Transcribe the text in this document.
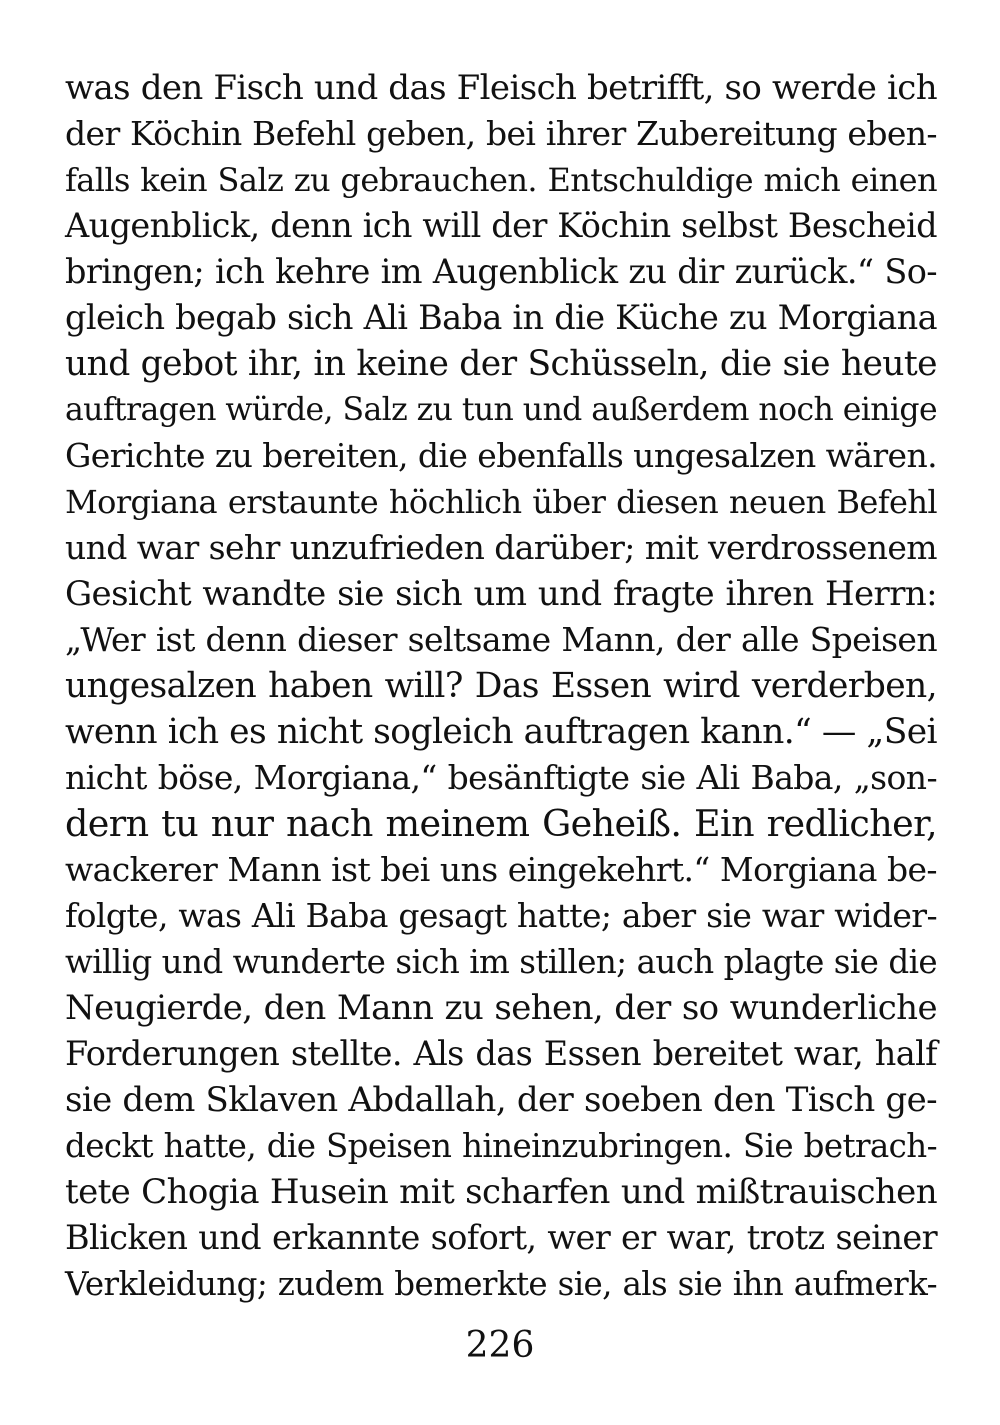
was den Fisch und das Fleisch betrifft, so werde ich
der Köchin Befehl geben, bei ihrer Zubereitung eben-
falls kein Salz zu gebrauchen. Entschuldige mich einen
Augenblick, denn ich will der Köchin selbst Bescheid
bringen; ich kehre im Augenblick zu dir zurück.“ So-
gleich begab sich Ali Baba in die Küche zu Morgiana
und gebot ihr, in keine der Schüsseln, die sie heute
auftragen würde, Salz zu tun und außerdem noch einige
Gerichte zu bereiten, die ebenfalls ungesalzen wären.
Morgiana erstaunte höchlich über diesen neuen Befehl
und war sehr unzufrieden darüber; mit verdrossenem
Gesicht wandte sie sich um und fragte ihren Herrn:
„Wer ist denn dieser seltsame Mann, der alle Speisen
ungesalzen haben will? Das Essen wird verderben,
wenn ich es nicht sogleich auftragen kann.“ — „Sei
nicht böse, Morgiana,“ besänftigte sie Ali Baba, „son-
dern tu nur nach meinem Geheiß. Ein redlicher,
wackerer Mann ist bei uns eingekehrt.“ Morgiana be-
folgte, was Ali Baba gesagt hatte; aber sie war wider-
willig und wunderte sich im stillen; auch plagte sie die
Neugierde, den Mann zu sehen, der so wunderliche
Forderungen stellte. Als das Essen bereitet war, half
sie dem Sklaven Abdallah, der soeben den Tisch ge-
deckt hatte, die Speisen hineinzubringen. Sie betrach-
tete Chogia Husein mit scharfen und mißtrauischen
Blicken und erkannte sofort, wer er war, trotz seiner
Verkleidung; zudem bemerkte sie, als sie ihn aufmerk-
226
